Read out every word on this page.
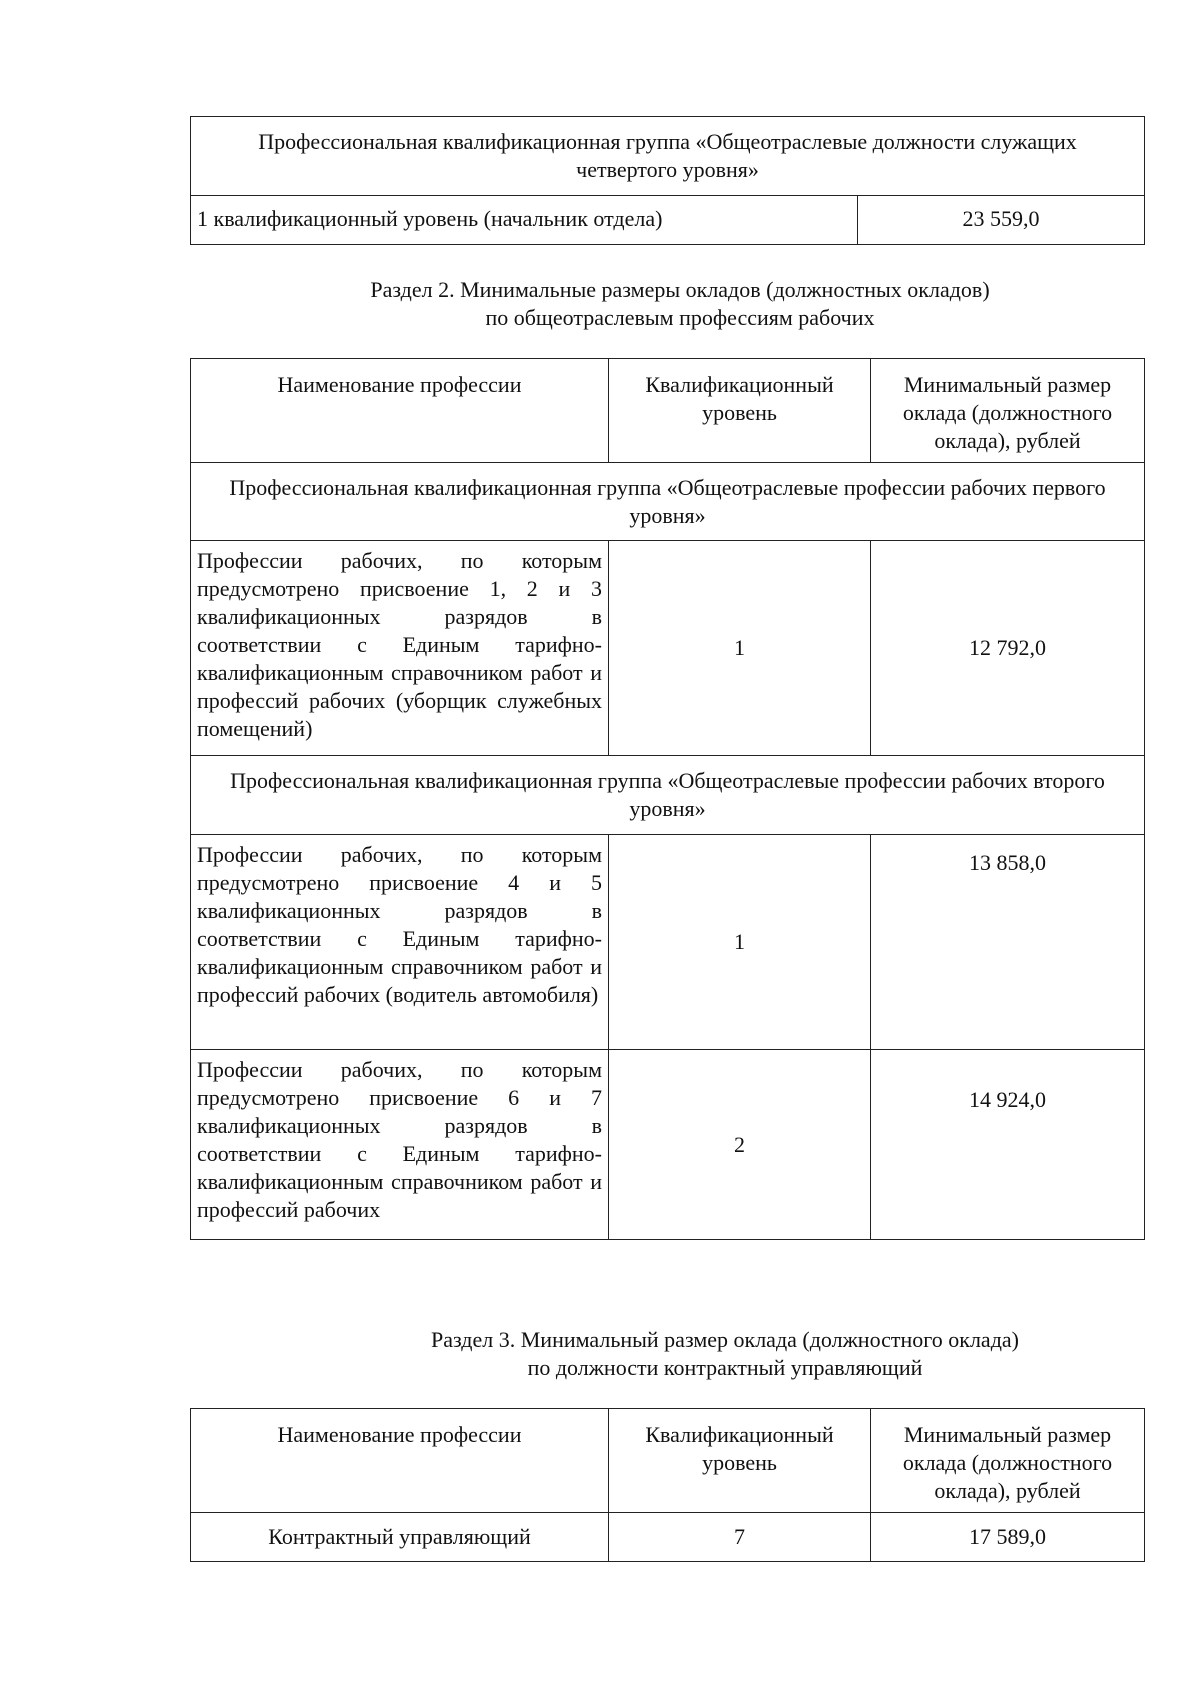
Профессиональная квалификационная группа «Общеотраслевые должности служащих четвертого уровня»
1 квалификационный уровень (начальник отдела)	23 559,0
Раздел 2. Минимальные размеры окладов (должностных окладов)
по общеотраслевым профессиям рабочих
Наименование профессии	Квалификационный уровень	Минимальный размер оклада (должностного оклада), рублей
Профессиональная квалификационная группа «Общеотраслевые профессии рабочих первого уровня»		
Профессии рабочих, по которым предусмотрено присвоение 1, 2 и 3 квалификационных разрядов в соответствии с Единым тарифно-квалификационным справочником работ и профессий рабочих (уборщик служебных помещений)	1	12 792,0
Профессиональная квалификационная группа «Общеотраслевые профессии рабочих второго уровня»		
Профессии рабочих, по которым предусмотрено присвоение 4 и 5 квалификационных разрядов в соответствии с Единым тарифно-квалификационным справочником работ и профессий рабочих (водитель автомобиля)	1	13 858,0
Профессии рабочих, по которым предусмотрено присвоение 6 и 7 квалификационных разрядов в соответствии с Единым тарифно-квалификационным справочником работ и профессий рабочих	2	14 924,0
Раздел 3. Минимальный размер оклада (должностного оклада)
по должности контрактный управляющий
Наименование профессии	Квалификационный уровень	Минимальный размер оклада (должностного оклада), рублей
Контрактный управляющий	7	17 589,0
